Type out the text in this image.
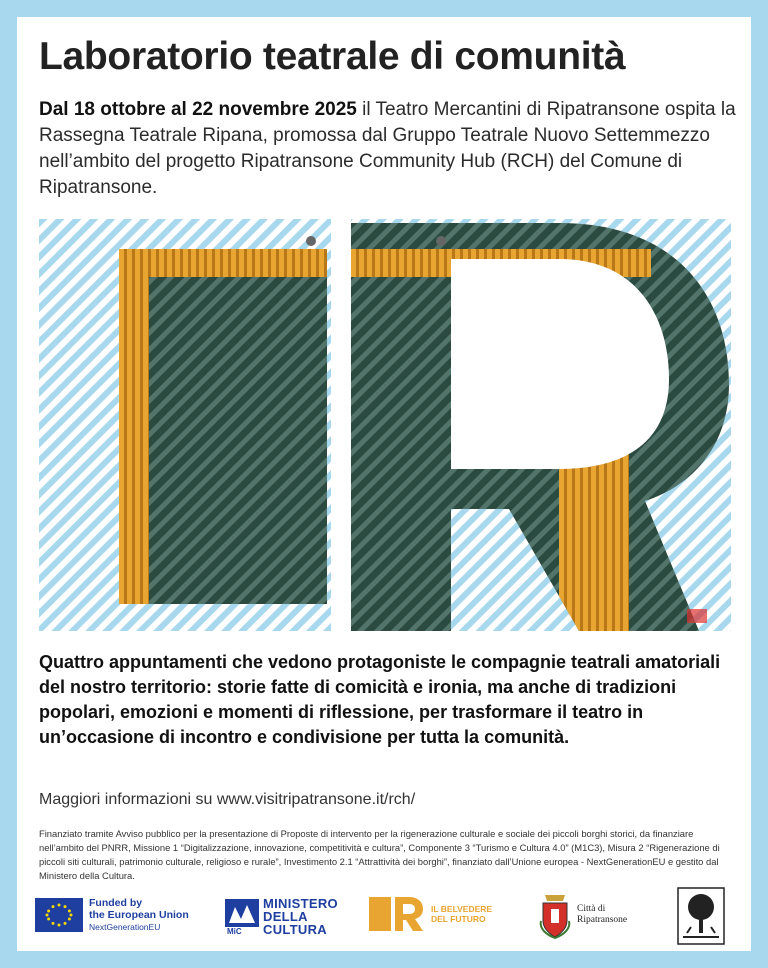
Laboratorio teatrale di comunità

Dal 18 ottobre al 22 novembre 2025 il Teatro Mercantini di Ripatransone ospita la Rassegna Teatrale Ripana, promossa dal Gruppo Teatrale Nuovo Settemmezzo nell’ambito del progetto Ripatransone Community Hub (RCH) del Comune di Ripatransone.

Quattro appuntamenti che vedono protagoniste le compagnie teatrali amatoriali del nostro territorio: storie fatte di comicità e ironia, ma anche di tradizioni popolari, emozioni e momenti di riflessione, per trasformare il teatro in un’occasione di incontro e condivisione per tutta la comunità.

Maggiori informazioni su www.visitripatransone.it/rch/

Finanziato tramite Avviso pubblico per la presentazione di Proposte di intervento per la rigenerazione culturale e sociale dei piccoli borghi storici, da finanziare nell’ambito del PNRR, Missione 1 “Digitalizzazione, innovazione, competitività e cultura”, Componente 3 “Turismo e Cultura 4.0” (M1C3), Misura 2 “Rigenerazione di piccoli siti culturali, patrimonio culturale, religioso e rurale”, Investimento 2.1 “Attrattività dei borghi”, finanziato dall’Unione europea - NextGenerationEU e gestito dal Ministero della Cultura.

Funded by
the European Union
NextGenerationEU	MiC
MINISTERO
DELLA
CULTURA
IL BELVEDERE
DEL FUTURO
Città di
Ripatransone
